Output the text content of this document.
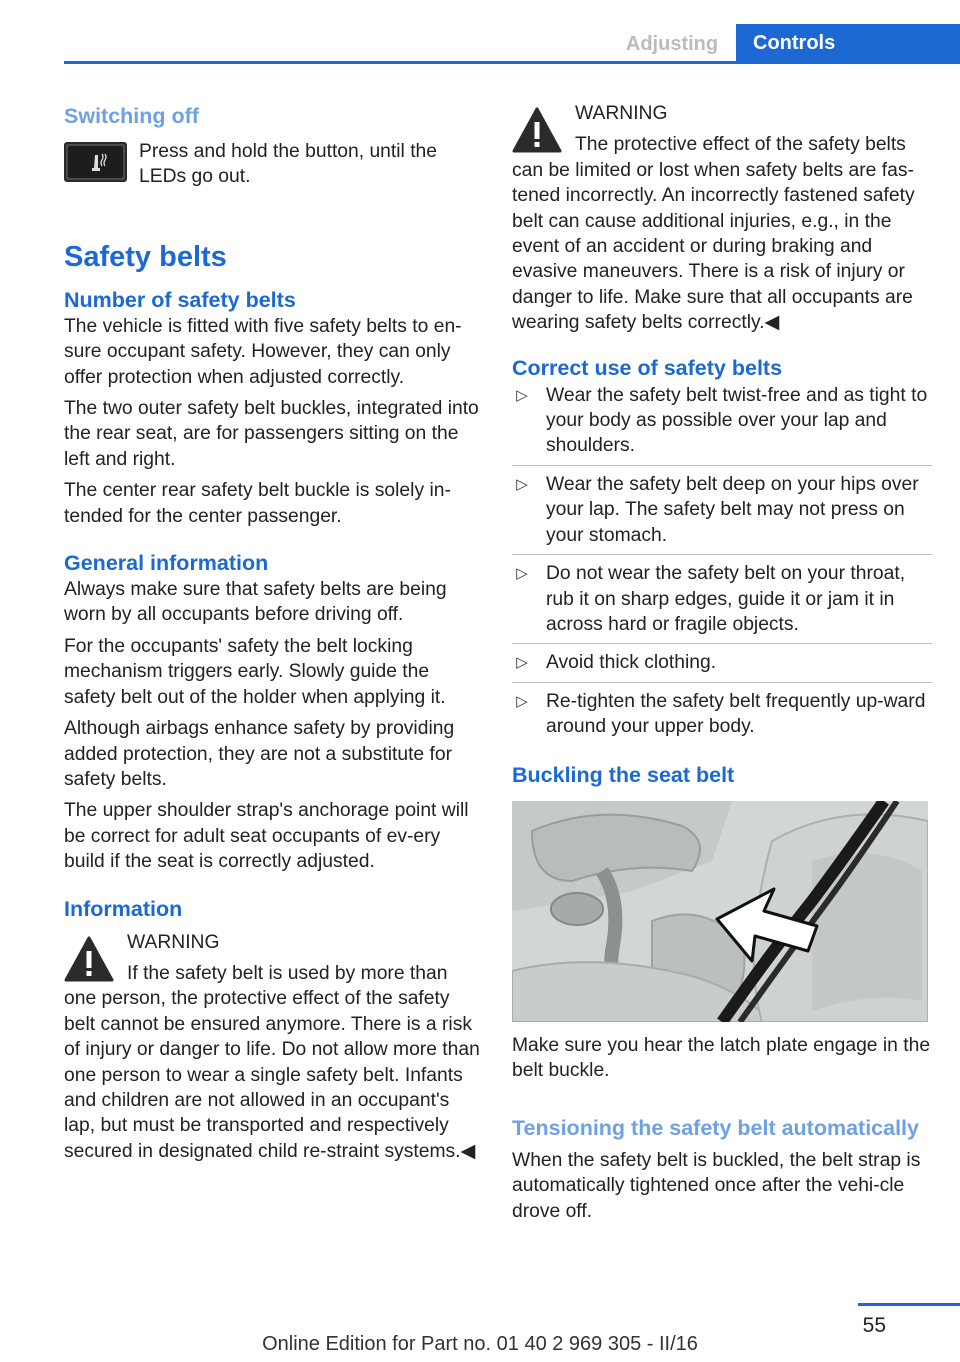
Adjusting	Controls
Switching off

Press and hold the button, until the LEDs go out.

Safety belts
Number of safety belts

The vehicle is fitted with five safety belts to en‐sure occupant safety. However, they can only offer protection when adjusted correctly.

The two outer safety belt buckles, integrated into the rear seat, are for passengers sitting on the left and right.

The center rear safety belt buckle is solely in‐tended for the center passenger.

General information

Always make sure that safety belts are being worn by all occupants before driving off.

For the occupants' safety the belt locking mechanism triggers early. Slowly guide the safety belt out of the holder when applying it.

Although airbags enhance safety by providing added protection, they are not a substitute for safety belts.

The upper shoulder strap's anchorage point will be correct for adult seat occupants of ev‐ery build if the seat is correctly adjusted.

Information

WARNING

If the safety belt is used by more than one person, the protective effect of the safety belt cannot be ensured anymore. There is a risk of injury or danger to life. Do not allow more than one person to wear a single safety belt. Infants and children are not allowed in an occupant's lap, but must be transported and respectively secured in designated child re‐straint systems.◀

WARNING

The protective effect of the safety belts can be limited or lost when safety belts are fas‐tened incorrectly. An incorrectly fastened safety belt can cause additional injuries, e.g., in the event of an accident or during braking and evasive maneuvers. There is a risk of injury or danger to life. Make sure that all occupants are wearing safety belts correctly.◀

Correct use of safety belts
▷ Wear the safety belt twist-free and as tight to your body as possible over your lap and shoulders.
▷ Wear the safety belt deep on your hips over your lap. The safety belt may not press on your stomach.
▷ Do not wear the safety belt on your throat, rub it on sharp edges, guide it or jam it in across hard or fragile objects.
▷ Avoid thick clothing.
▷ Re-tighten the safety belt frequently up‐ward around your upper body.
Buckling the seat belt

Make sure you hear the latch plate engage in the belt buckle.

Tensioning the safety belt automatically

When the safety belt is buckled, the belt strap is automatically tightened once after the vehi‐cle drove off.

55
Online Edition for Part no. 01 40 2 969 305 - II/16
